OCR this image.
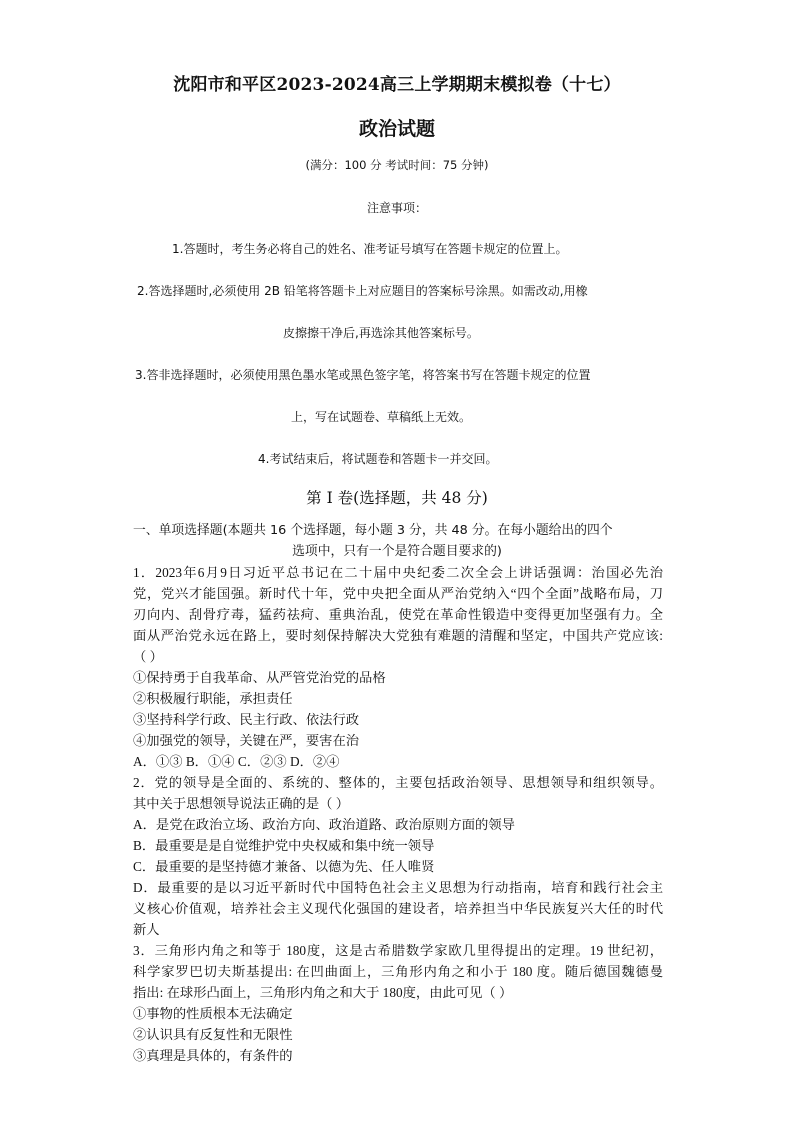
沈阳市和平区2023-2024高三上学期期末模拟卷（十七）
政治试题
(满分：100 分 考试时间：75 分钟)
注意事项：
1.答题时，考生务必将自己的姓名、准考证号填写在答题卡规定的位置上。
2.答选择题时,必须使用 2B 铅笔将答题卡上对应题目的答案标号涂黑。如需改动,用橡
皮擦擦干净后,再选涂其他答案标号。
3.答非选择题时，必须使用黑色墨水笔或黑色签字笔，将答案书写在答题卡规定的位置
上，写在试题卷、草稿纸上无效。
4.考试结束后，将试题卷和答题卡一并交回。
第 I 卷(选择题，共 48 分)
一、单项选择题(本题共 16 个选择题，每小题 3 分，共 48 分。在每小题给出的四个
选项中，只有一个是符合题目要求的)
1．2023年6月9日习近平总书记在二十届中央纪委二次全会上讲话强调：治国必先治
党，党兴才能国强。新时代十年，党中央把全面从严治党纳入“四个全面”战略布局，刀
刃向内、刮骨疗毒，猛药祛疴、重典治乱，使党在革命性锻造中变得更加坚强有力。全
面从严治党永远在路上，要时刻保持解决大党独有难题的清醒和坚定，中国共产党应该:
（ ）
①保持勇于自我革命、从严管党治党的品格
②积极履行职能，承担责任
③坚持科学行政、民主行政、依法行政
④加强党的领导，关键在严，要害在治
A．①③ B．①④ C．②③ D．②④
2．党的领导是全面的、系统的、整体的，主要包括政治领导、思想领导和组织领导。
其中关于思想领导说法正确的是（ ）
A．是党在政治立场、政治方向、政治道路、政治原则方面的领导
B．最重要是是自觉维护党中央权威和集中统一领导
C．最重要的是坚持德才兼备、以德为先、任人唯贤
D．最重要的是以习近平新时代中国特色社会主义思想为行动指南，培育和践行社会主
义核心价值观，培养社会主义现代化强国的建设者，培养担当中华民族复兴大任的时代
新人
3．三角形内角之和等于 180度，这是古希腊数学家欧几里得提出的定理。19 世纪初，
科学家罗巴切夫斯基提出: 在凹曲面上，三角形内角之和小于 180 度。随后德国魏德曼
指出: 在球形凸面上，三角形内角之和大于 180度，由此可见（ ）
①事物的性质根本无法确定
②认识具有反复性和无限性
③真理是具体的，有条件的
